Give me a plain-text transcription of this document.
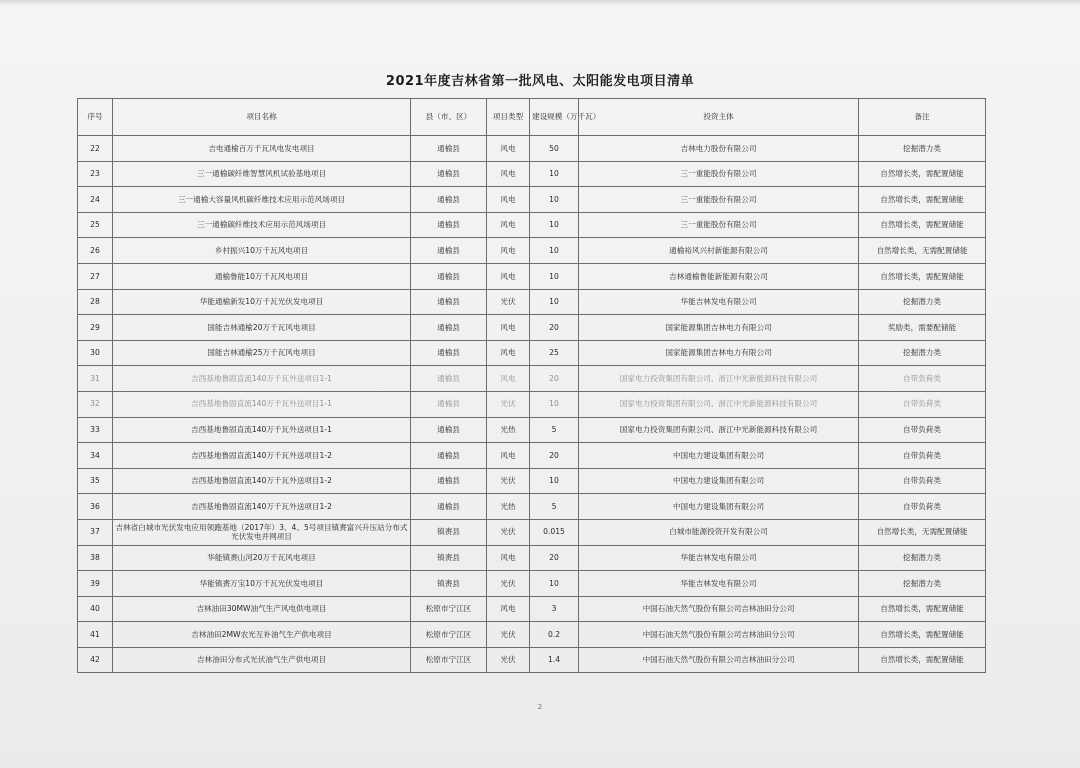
2021年度吉林省第一批风电、太阳能发电项目清单
序号	项目名称	县（市、区）	项目类型	建设规模（万千瓦）	投资主体	备注
22	吉电通榆百万千瓦风电发电项目	通榆县	风电	50	吉林电力股份有限公司	挖掘潜力类
23	三一通榆碳纤维智慧风机试验基地项目	通榆县	风电	10	三一重能股份有限公司	自然增长类，需配置储能
24	三一通榆大容量风机碳纤维技术应用示范风场项目	通榆县	风电	10	三一重能股份有限公司	自然增长类，需配置储能
25	三一通榆碳纤维技术应用示范风场项目	通榆县	风电	10	三一重能股份有限公司	自然增长类，需配置储能
26	乡村振兴10万千瓦风电项目	通榆县	风电	10	通榆裕风兴村新能源有限公司	自然增长类，无需配置储能
27	通榆鲁能10万千瓦风电项目	通榆县	风电	10	吉林通榆鲁能新能源有限公司	自然增长类，需配置储能
28	华能通榆新发10万千瓦光伏发电项目	通榆县	光伏	10	华能吉林发电有限公司	挖掘潜力类
29	国能吉林通榆20万千瓦风电项目	通榆县	风电	20	国家能源集团吉林电力有限公司	奖励类，需要配储能
30	国能吉林通榆25万千瓦风电项目	通榆县	风电	25	国家能源集团吉林电力有限公司	挖掘潜力类
31	吉西基地鲁固直流140万千瓦外送项目1-1	通榆县	风电	20	国家电力投资集团有限公司、浙江中光新能源科技有限公司	自带负荷类
32	吉西基地鲁固直流140万千瓦外送项目1-1	通榆县	光伏	10	国家电力投资集团有限公司、浙江中光新能源科技有限公司	自带负荷类
33	吉西基地鲁固直流140万千瓦外送项目1-1	通榆县	光热	5	国家电力投资集团有限公司、浙江中光新能源科技有限公司	自带负荷类
34	吉西基地鲁固直流140万千瓦外送项目1-2	通榆县	风电	20	中国电力建设集团有限公司	自带负荷类
35	吉西基地鲁固直流140万千瓦外送项目1-2	通榆县	光伏	10	中国电力建设集团有限公司	自带负荷类
36	吉西基地鲁固直流140万千瓦外送项目1-2	通榆县	光热	5	中国电力建设集团有限公司	自带负荷类
37	吉林省白城市光伏发电应用领跑基地（2017年）3、4、5号项目镇赉富兴升压站分布式光伏发电并网项目	镇赉县	光伏	0.015	白城市能源投资开发有限公司	自然增长类，无需配置储能
38	华能镇赉山河20万千瓦风电项目	镇赉县	风电	20	华能吉林发电有限公司	挖掘潜力类
39	华能镇赉万宝10万千瓦光伏发电项目	镇赉县	光伏	10	华能吉林发电有限公司	挖掘潜力类
40	吉林油田30MW油气生产风电供电项目	松原市宁江区	风电	3	中国石油天然气股份有限公司吉林油田分公司	自然增长类，需配置储能
41	吉林油田2MW农光互补油气生产供电项目	松原市宁江区	光伏	0.2	中国石油天然气股份有限公司吉林油田分公司	自然增长类，需配置储能
42	吉林油田分布式光伏油气生产供电项目	松原市宁江区	光伏	1.4	中国石油天然气股份有限公司吉林油田分公司	自然增长类，需配置储能
2
